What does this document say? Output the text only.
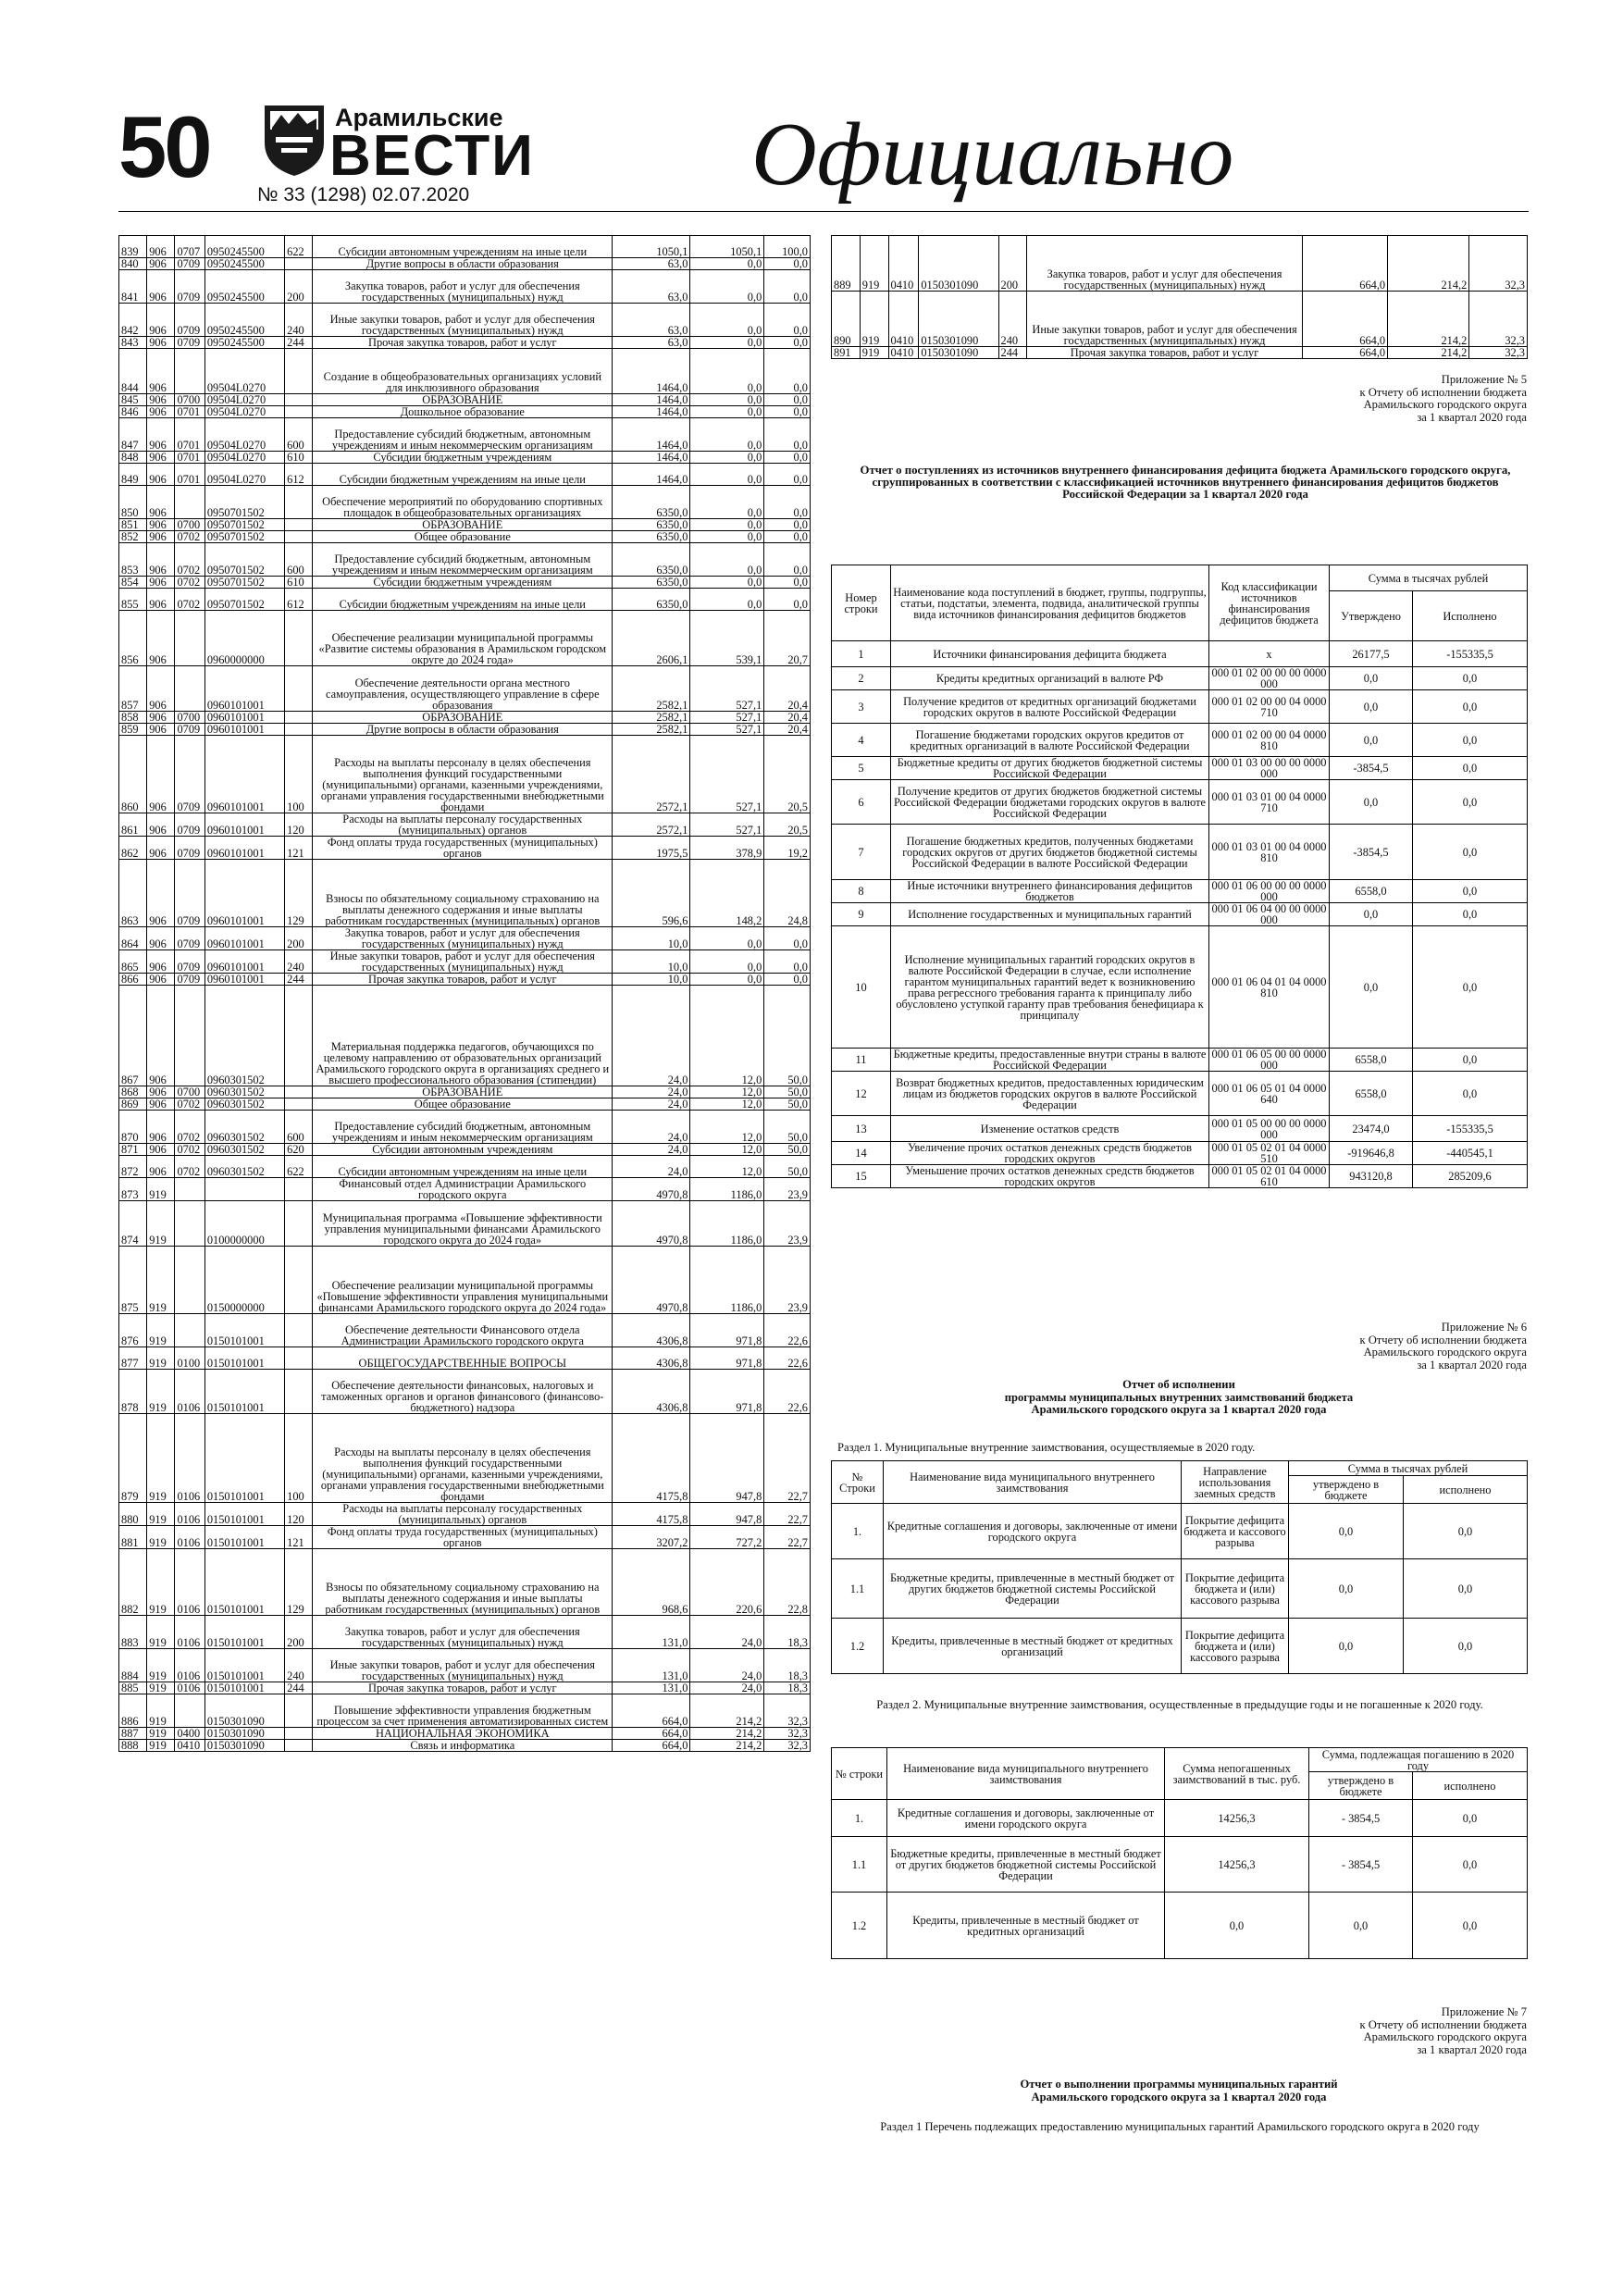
50	Арамильские
ВЕСТИ
№ 33 (1298) 02.07.2020	Официально
839	906	0707	0950245500	622	Субсидии автономным учреждениям на иные цели	1050,1	1050,1	100,0
840	906	0709	0950245500		Другие вопросы в области образования	63,0	0,0	0,0
841	906	0709	0950245500	200	Закупка товаров, работ и услуг для обеспечения государственных (муниципальных) нужд	63,0	0,0	0,0
842	906	0709	0950245500	240	Иные закупки товаров, работ и услуг для обеспечения государственных (муниципальных) нужд	63,0	0,0	0,0
843	906	0709	0950245500	244	Прочая закупка товаров, работ и услуг	63,0	0,0	0,0
844	906		09504L0270		Создание в общеобразовательных организациях условий для инклюзивного образования	1464,0	0,0	0,0
845	906	0700	09504L0270		ОБРАЗОВАНИЕ	1464,0	0,0	0,0
846	906	0701	09504L0270		Дошкольное образование	1464,0	0,0	0,0
847	906	0701	09504L0270	600	Предоставление субсидий бюджетным, автономным учреждениям и иным некоммерческим организациям	1464,0	0,0	0,0
848	906	0701	09504L0270	610	Субсидии бюджетным учреждениям	1464,0	0,0	0,0
849	906	0701	09504L0270	612	Субсидии бюджетным учреждениям на иные цели	1464,0	0,0	0,0
850	906		0950701502		Обеспечение мероприятий по оборудованию спортивных площадок в общеобразовательных организациях	6350,0	0,0	0,0
851	906	0700	0950701502		ОБРАЗОВАНИЕ	6350,0	0,0	0,0
852	906	0702	0950701502		Общее образование	6350,0	0,0	0,0
853	906	0702	0950701502	600	Предоставление субсидий бюджетным, автономным учреждениям и иным некоммерческим организациям	6350,0	0,0	0,0
854	906	0702	0950701502	610	Субсидии бюджетным учреждениям	6350,0	0,0	0,0
855	906	0702	0950701502	612	Субсидии бюджетным учреждениям на иные цели	6350,0	0,0	0,0
856	906		0960000000		Обеспечение реализации муниципальной программы «Развитие системы образования в Арамильском городском округе до 2024 года»	2606,1	539,1	20,7
857	906		0960101001		Обеспечение деятельности органа местного самоуправления, осуществляющего управление в сфере образования	2582,1	527,1	20,4
858	906	0700	0960101001		ОБРАЗОВАНИЕ	2582,1	527,1	20,4
859	906	0709	0960101001		Другие вопросы в области образования	2582,1	527,1	20,4
860	906	0709	0960101001	100	Расходы на выплаты персоналу в целях обеспечения выполнения функций государственными (муниципальными) органами, казенными учреждениями, органами управления государственными внебюджетными фондами	2572,1	527,1	20,5
861	906	0709	0960101001	120	Расходы на выплаты персоналу государственных (муниципальных) органов	2572,1	527,1	20,5
862	906	0709	0960101001	121	Фонд оплаты труда государственных (муниципальных) органов	1975,5	378,9	19,2
863	906	0709	0960101001	129	Взносы по обязательному социальному страхованию на выплаты денежного содержания и иные выплаты работникам государственных (муниципальных) органов	596,6	148,2	24,8
864	906	0709	0960101001	200	Закупка товаров, работ и услуг для обеспечения государственных (муниципальных) нужд	10,0	0,0	0,0
865	906	0709	0960101001	240	Иные закупки товаров, работ и услуг для обеспечения государственных (муниципальных) нужд	10,0	0,0	0,0
866	906	0709	0960101001	244	Прочая закупка товаров, работ и услуг	10,0	0,0	0,0
867	906		0960301502		Материальная поддержка педагогов, обучающихся по целевому направлению от образовательных организаций Арамильского городского округа в организациях среднего и высшего профессионального образования (стипендии)	24,0	12,0	50,0
868	906	0700	0960301502		ОБРАЗОВАНИЕ	24,0	12,0	50,0
869	906	0702	0960301502		Общее образование	24,0	12,0	50,0
870	906	0702	0960301502	600	Предоставление субсидий бюджетным, автономным учреждениям и иным некоммерческим организациям	24,0	12,0	50,0
871	906	0702	0960301502	620	Субсидии автономным учреждениям	24,0	12,0	50,0
872	906	0702	0960301502	622	Субсидии автономным учреждениям на иные цели	24,0	12,0	50,0
873	919				Финансовый отдел Администрации Арамильского городского округа	4970,8	1186,0	23,9
874	919		0100000000		Муниципальная программа «Повышение эффективности управления муниципальными финансами Арамильского городского округа до 2024 года»	4970,8	1186,0	23,9
875	919		0150000000		Обеспечение реализации муниципальной программы «Повышение эффективности управления муниципальными финансами Арамильского городского округа до 2024 года»	4970,8	1186,0	23,9
876	919		0150101001		Обеспечение деятельности Финансового отдела Администрации Арамильского городского округа	4306,8	971,8	22,6
877	919	0100	0150101001		ОБЩЕГОСУДАРСТВЕННЫЕ ВОПРОСЫ	4306,8	971,8	22,6
878	919	0106	0150101001		Обеспечение деятельности финансовых, налоговых и таможенных органов и органов финансового (финансово-бюджетного) надзора	4306,8	971,8	22,6
879	919	0106	0150101001	100	Расходы на выплаты персоналу в целях обеспечения выполнения функций государственными (муниципальными) органами, казенными учреждениями, органами управления государственными внебюджетными фондами	4175,8	947,8	22,7
880	919	0106	0150101001	120	Расходы на выплаты персоналу государственных (муниципальных) органов	4175,8	947,8	22,7
881	919	0106	0150101001	121	Фонд оплаты труда государственных (муниципальных) органов	3207,2	727,2	22,7
882	919	0106	0150101001	129	Взносы по обязательному социальному страхованию на выплаты денежного содержания и иные выплаты работникам государственных (муниципальных) органов	968,6	220,6	22,8
883	919	0106	0150101001	200	Закупка товаров, работ и услуг для обеспечения государственных (муниципальных) нужд	131,0	24,0	18,3
884	919	0106	0150101001	240	Иные закупки товаров, работ и услуг для обеспечения государственных (муниципальных) нужд	131,0	24,0	18,3
885	919	0106	0150101001	244	Прочая закупка товаров, работ и услуг	131,0	24,0	18,3
886	919		0150301090		Повышение эффективности управления бюджетным процессом за счет применения автоматизированных систем	664,0	214,2	32,3
887	919	0400	0150301090		НАЦИОНАЛЬНАЯ ЭКОНОМИКА	664,0	214,2	32,3
888	919	0410	0150301090		Связь и информатика	664,0	214,2	32,3
889	919	0410	0150301090	200	Закупка товаров, работ и услуг для обеспечения государственных (муниципальных) нужд	664,0	214,2	32,3
890	919	0410	0150301090	240	Иные закупки товаров, работ и услуг для обеспечения государственных (муниципальных) нужд	664,0	214,2	32,3
891	919	0410	0150301090	244	Прочая закупка товаров, работ и услуг	664,0	214,2	32,3
Приложение № 5
к Отчету об исполнении бюджета
Арамильского городского округа
за 1 квартал 2020 года
Отчет о поступлениях из источников внутреннего финансирования дефицита бюджета Арамильского городского округа, сгруппированных в соответствии с классификацией источников внутреннего финансирования дефицитов бюджетов Российской Федерации за 1 квартал 2020 года
Номер строки	Наименование кода поступлений в бюджет, группы, подгруппы, статьи, подстатьи, элемента, подвида, аналитической группы вида источников финансирования дефицитов бюджетов	Код классификации источников финансирования дефицитов бюджета	Сумма в тысячах рублей	
			Утверждено	Исполнено
1	Источники финансирования дефицита бюджета	х	26177,5	-155335,5
2	Кредиты кредитных организаций в валюте РФ	000 01 02 00 00 00 0000 000	0,0	0,0
3	Получение кредитов от кредитных организаций бюджетами городских округов в валюте Российской Федерации	000 01 02 00 00 04 0000 710	0,0	0,0
4	Погашение бюджетами городских округов кредитов от кредитных организаций в валюте Российской Федерации	000 01 02 00 00 04 0000 810	0,0	0,0
5	Бюджетные кредиты от других бюджетов бюджетной системы Российской Федерации	000 01 03 00 00 00 0000 000	-3854,5	0,0
6	Получение кредитов от других бюджетов бюджетной системы Российской Федерации бюджетами городских округов в валюте Российской Федерации	000 01 03 01 00 04 0000 710	0,0	0,0
7	Погашение бюджетных кредитов, полученных бюджетами городских округов от других бюджетов бюджетной системы Российской Федерации в валюте Российской Федерации	000 01 03 01 00 04 0000 810	-3854,5	0,0
8	Иные источники внутреннего финансирования дефицитов бюджетов	000 01 06 00 00 00 0000 000	6558,0	0,0
9	Исполнение государственных и муниципальных гарантий	000 01 06 04 00 00 0000 000	0,0	0,0
10	Исполнение муниципальных гарантий городских округов в валюте Российской Федерации в случае, если исполнение гарантом муниципальных гарантий ведет к возникновению права регрессного требования гаранта к принципалу либо обусловлено уступкой гаранту прав требования бенефициара к принципалу	000 01 06 04 01 04 0000 810	0,0	0,0
11	Бюджетные кредиты, предоставленные внутри страны в валюте Российской Федерации	000 01 06 05 00 00 0000 000	6558,0	0,0
12	Возврат бюджетных кредитов, предоставленных юридическим лицам из бюджетов городских округов в валюте Российской Федерации	000 01 06 05 01 04 0000 640	6558,0	0,0
13	Изменение остатков средств	000 01 05 00 00 00 0000 000	23474,0	-155335,5
14	Увеличение прочих остатков денежных средств бюджетов городских округов	000 01 05 02 01 04 0000 510	-919646,8	-440545,1
15	Уменьшение прочих остатков денежных средств бюджетов городских округов	000 01 05 02 01 04 0000 610	943120,8	285209,6
Приложение № 6
к Отчету об исполнении бюджета
Арамильского городского округа
за 1 квартал 2020 года
Отчет об исполнении
программы муниципальных внутренних заимствований бюджета
Арамильского городского округа за 1 квартал 2020 года
Раздел 1. Муниципальные внутренние заимствования, осуществляемые в 2020 году.
№ Строки	Наименование вида муниципального внутреннего заимствования	Направление использования заемных средств	Сумма в тысячах рублей	
			утверждено в бюджете	исполнено
1.	Кредитные соглашения и договоры, заключенные от имени городского округа	Покрытие дефицита бюджета и кассового разрыва	0,0	0,0
1.1	Бюджетные кредиты, привлеченные в местный бюджет от других бюджетов бюджетной системы Российской Федерации	Покрытие дефицита бюджета и (или) кассового разрыва	0,0	0,0
1.2	Кредиты, привлеченные в местный бюджет от кредитных организаций	Покрытие дефицита бюджета и (или) кассового разрыва	0,0	0,0
Раздел 2. Муниципальные внутренние заимствования, осуществленные в предыдущие годы и не погашенные к 2020 году.
№ строки	Наименование вида муниципального внутреннего заимствования	Сумма непогашенных заимствований в тыс. руб.	Сумма, подлежащая погашению в 2020 году	
			утверждено в бюджете	исполнено
1.	Кредитные соглашения и договоры, заключенные от имени городского округа	14256,3	- 3854,5	0,0
1.1	Бюджетные кредиты, привлеченные в местный бюджет от других бюджетов бюджетной системы Российской Федерации	14256,3	- 3854,5	0,0
1.2	Кредиты, привлеченные в местный бюджет от кредитных организаций	0,0	0,0	0,0
Приложение № 7
к Отчету об исполнении бюджета
Арамильского городского округа
за 1 квартал 2020 года
Отчет о выполнении программы муниципальных гарантий
Арамильского городского округа за 1 квартал 2020 года
Раздел 1 Перечень подлежащих предоставлению муниципальных гарантий Арамильского городского округа в 2020 году
